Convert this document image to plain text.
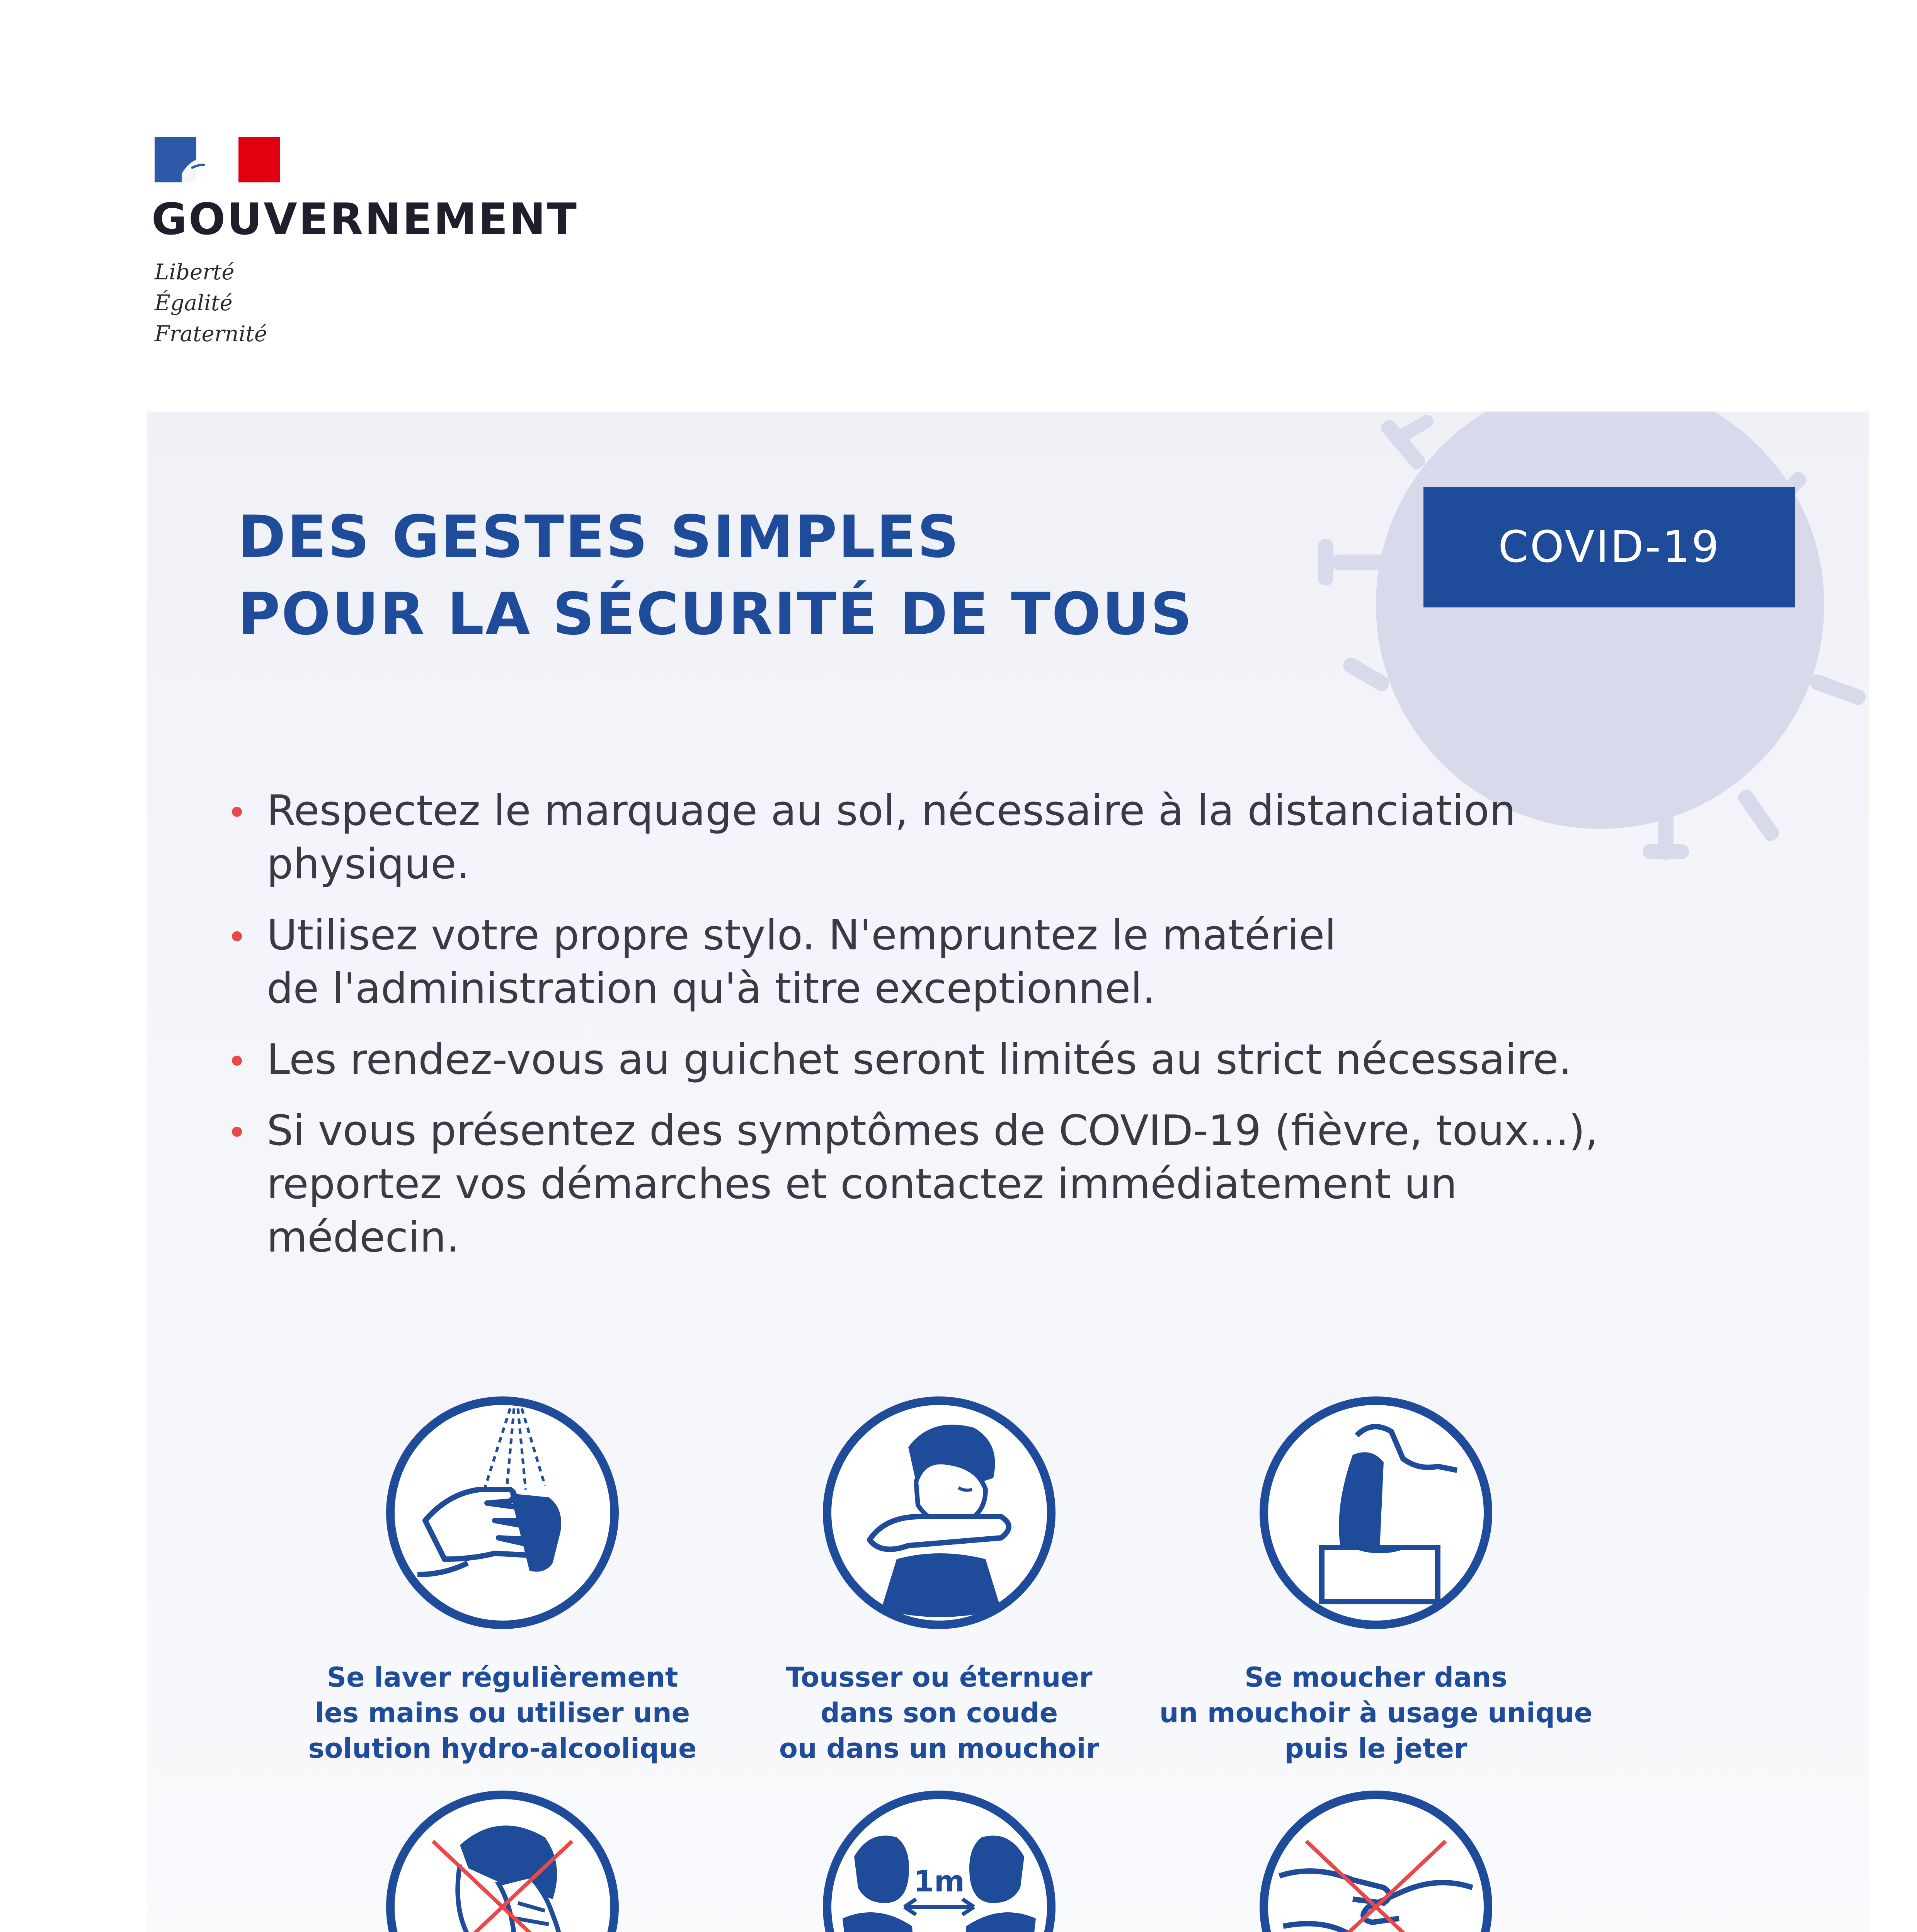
GOUVERNEMENT
Liberté
Égalité
Fraternité
DES GESTES SIMPLES
POUR LA SÉCURITÉ DE TOUS
COVID-19
Respectez le marquage au sol, nécessaire à la distanciation
physique.
Utilisez votre propre stylo. N'empruntez le matériel
de l'administration qu'à titre exceptionnel.
Les rendez-vous au guichet seront limités au strict nécessaire.
Si vous présentez des symptômes de COVID-19 (fièvre, toux...),
reportez vos démarches et contactez immédiatement un
médecin.
Se laver régulièrement
les mains ou utiliser une
solution hydro-alcoolique
Tousser ou éternuer
dans son coude
ou dans un mouchoir
Se moucher dans
un mouchoir à usage unique
puis le jeter
1m
